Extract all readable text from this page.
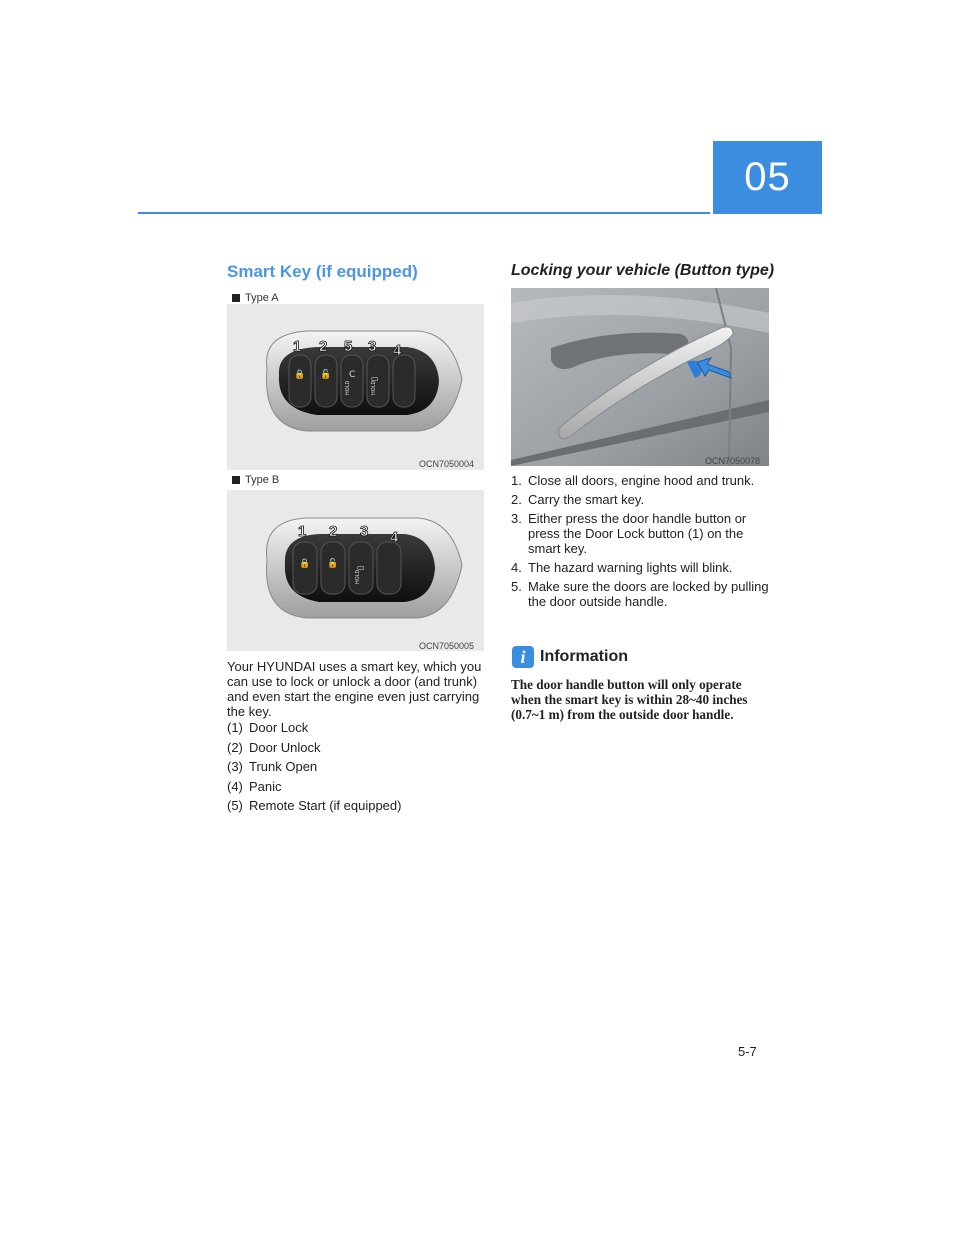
05
Smart Key (if equipped)
Type A
🔒 🔓 C ▭
HOLD	HOLD
1 2 5 3 4
OCN7050004
Type B
🔒 🔓 ▭
HOLD
1 2 3 4
OCN7050005
Your HYUNDAI uses a smart key, which you can use to lock or unlock a door (and trunk) and even start the engine even just carrying the key.
(1) Door Lock
(2) Door Unlock
(3) Trunk Open
(4) Panic
(5) Remote Start (if equipped)
Locking your vehicle (Button type)
OCN7050078
1. Close all doors, engine hood and trunk.
2. Carry the smart key.
3. Either press the door handle button or press the Door Lock button (1) on the smart key.
4. The hazard warning lights will blink.
5. Make sure the doors are locked by pulling the door outside handle.
i Information
The door handle button will only operate when the smart key is within 28~40 inches (0.7~1 m) from the outside door handle.
5-7
